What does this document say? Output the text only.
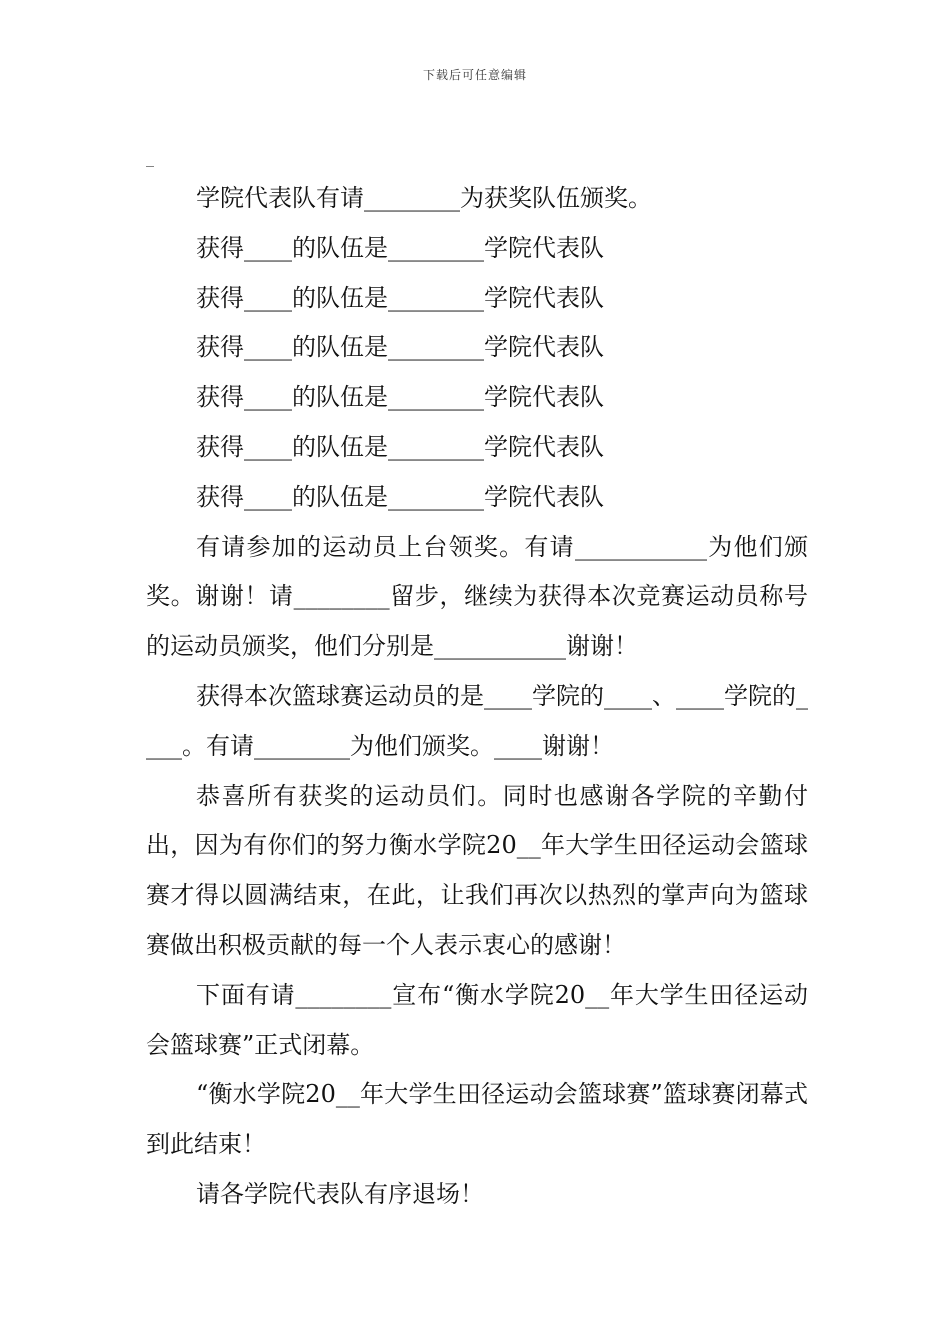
下载后可任意编辑
_

学院代表队有请________为获奖队伍颁奖。

获得____的队伍是________学院代表队

获得____的队伍是________学院代表队

获得____的队伍是________学院代表队

获得____的队伍是________学院代表队

获得____的队伍是________学院代表队

获得____的队伍是________学院代表队

有请参加的运动员上台领奖。有请___________为他们颁奖。谢谢！请________留步，继续为获得本次竞赛运动员称号的运动员颁奖，他们分别是___________谢谢！

获得本次篮球赛运动员的是____学院的____、____学院的____。有请________为他们颁奖。____谢谢！

恭喜所有获奖的运动员们。同时也感谢各学院的辛勤付出，因为有你们的努力衡水学院20__年大学生田径运动会篮球赛才得以圆满结束，在此，让我们再次以热烈的掌声向为篮球赛做出积极贡献的每一个人表示衷心的感谢！

下面有请________宣布“衡水学院20__年大学生田径运动会篮球赛”正式闭幕。

“衡水学院20__年大学生田径运动会篮球赛”篮球赛闭幕式到此结束！

请各学院代表队有序退场！
